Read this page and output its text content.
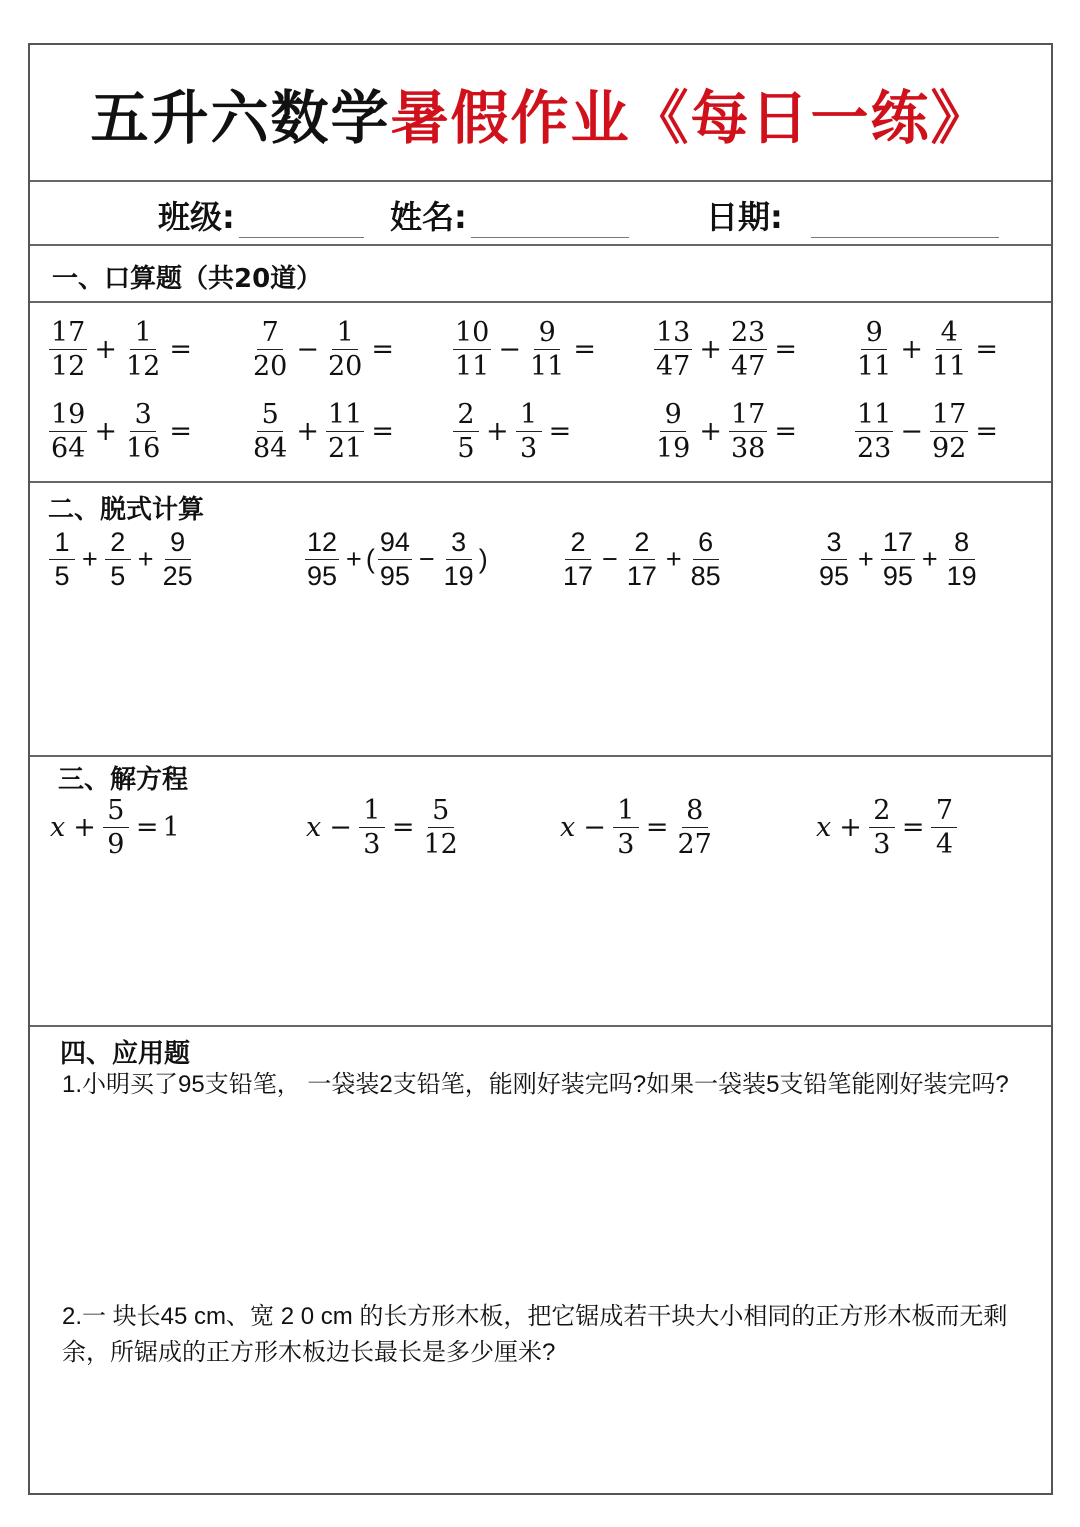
五升六数学暑假作业《每日一练》
班级:	姓名:	日期:
一、口算题（共20道）
$\frac{17}{12} + \frac{1}{12} = \frac{7}{20} - \frac{1}{20} = \frac{10}{11} - \frac{9}{11} = \frac{13}{47} + \frac{23}{47} = \frac{9}{11} + \frac{4}{11}$ =
$\frac{19}{64} + \frac{3}{16} = \frac{5}{84} + \frac{11}{21} = \frac{2}{5} + \frac{1}{3}$ =	$\frac{9}{19} + \frac{17}{38} = \frac{11}{23} - \frac{17}{92}$ =
二、脱式计算
$\frac{1}{5} + \frac{2}{5} + \frac{9}{25}$	$\frac{12}{95}$ + ( $\frac{94}{95} - \frac{3}{19}$ )	$\frac{2}{17} - \frac{2}{17} + \frac{6}{85}$	$\frac{3}{95} + \frac{17}{95} + \frac{8}{19}$
三、解方程
$x + \frac{5}{9} = 1$	$x - \frac{1}{3} = \frac{5}{12}$	$x - \frac{1}{3} = \frac{8}{27}$	$x + \frac{2}{3} = \frac{7}{4}$
四、应用题
1.小明买了95支铅笔， 一袋装2支铅笔，能刚好装完吗?如果一袋装5支铅笔能刚好装完吗?
2.一 块长45 cm、宽 2 0 cm 的长方形木板，把它锯成若干块大小相同的正方形木板而无剩余，所锯成的正方形木板边长最长是多少厘米?
